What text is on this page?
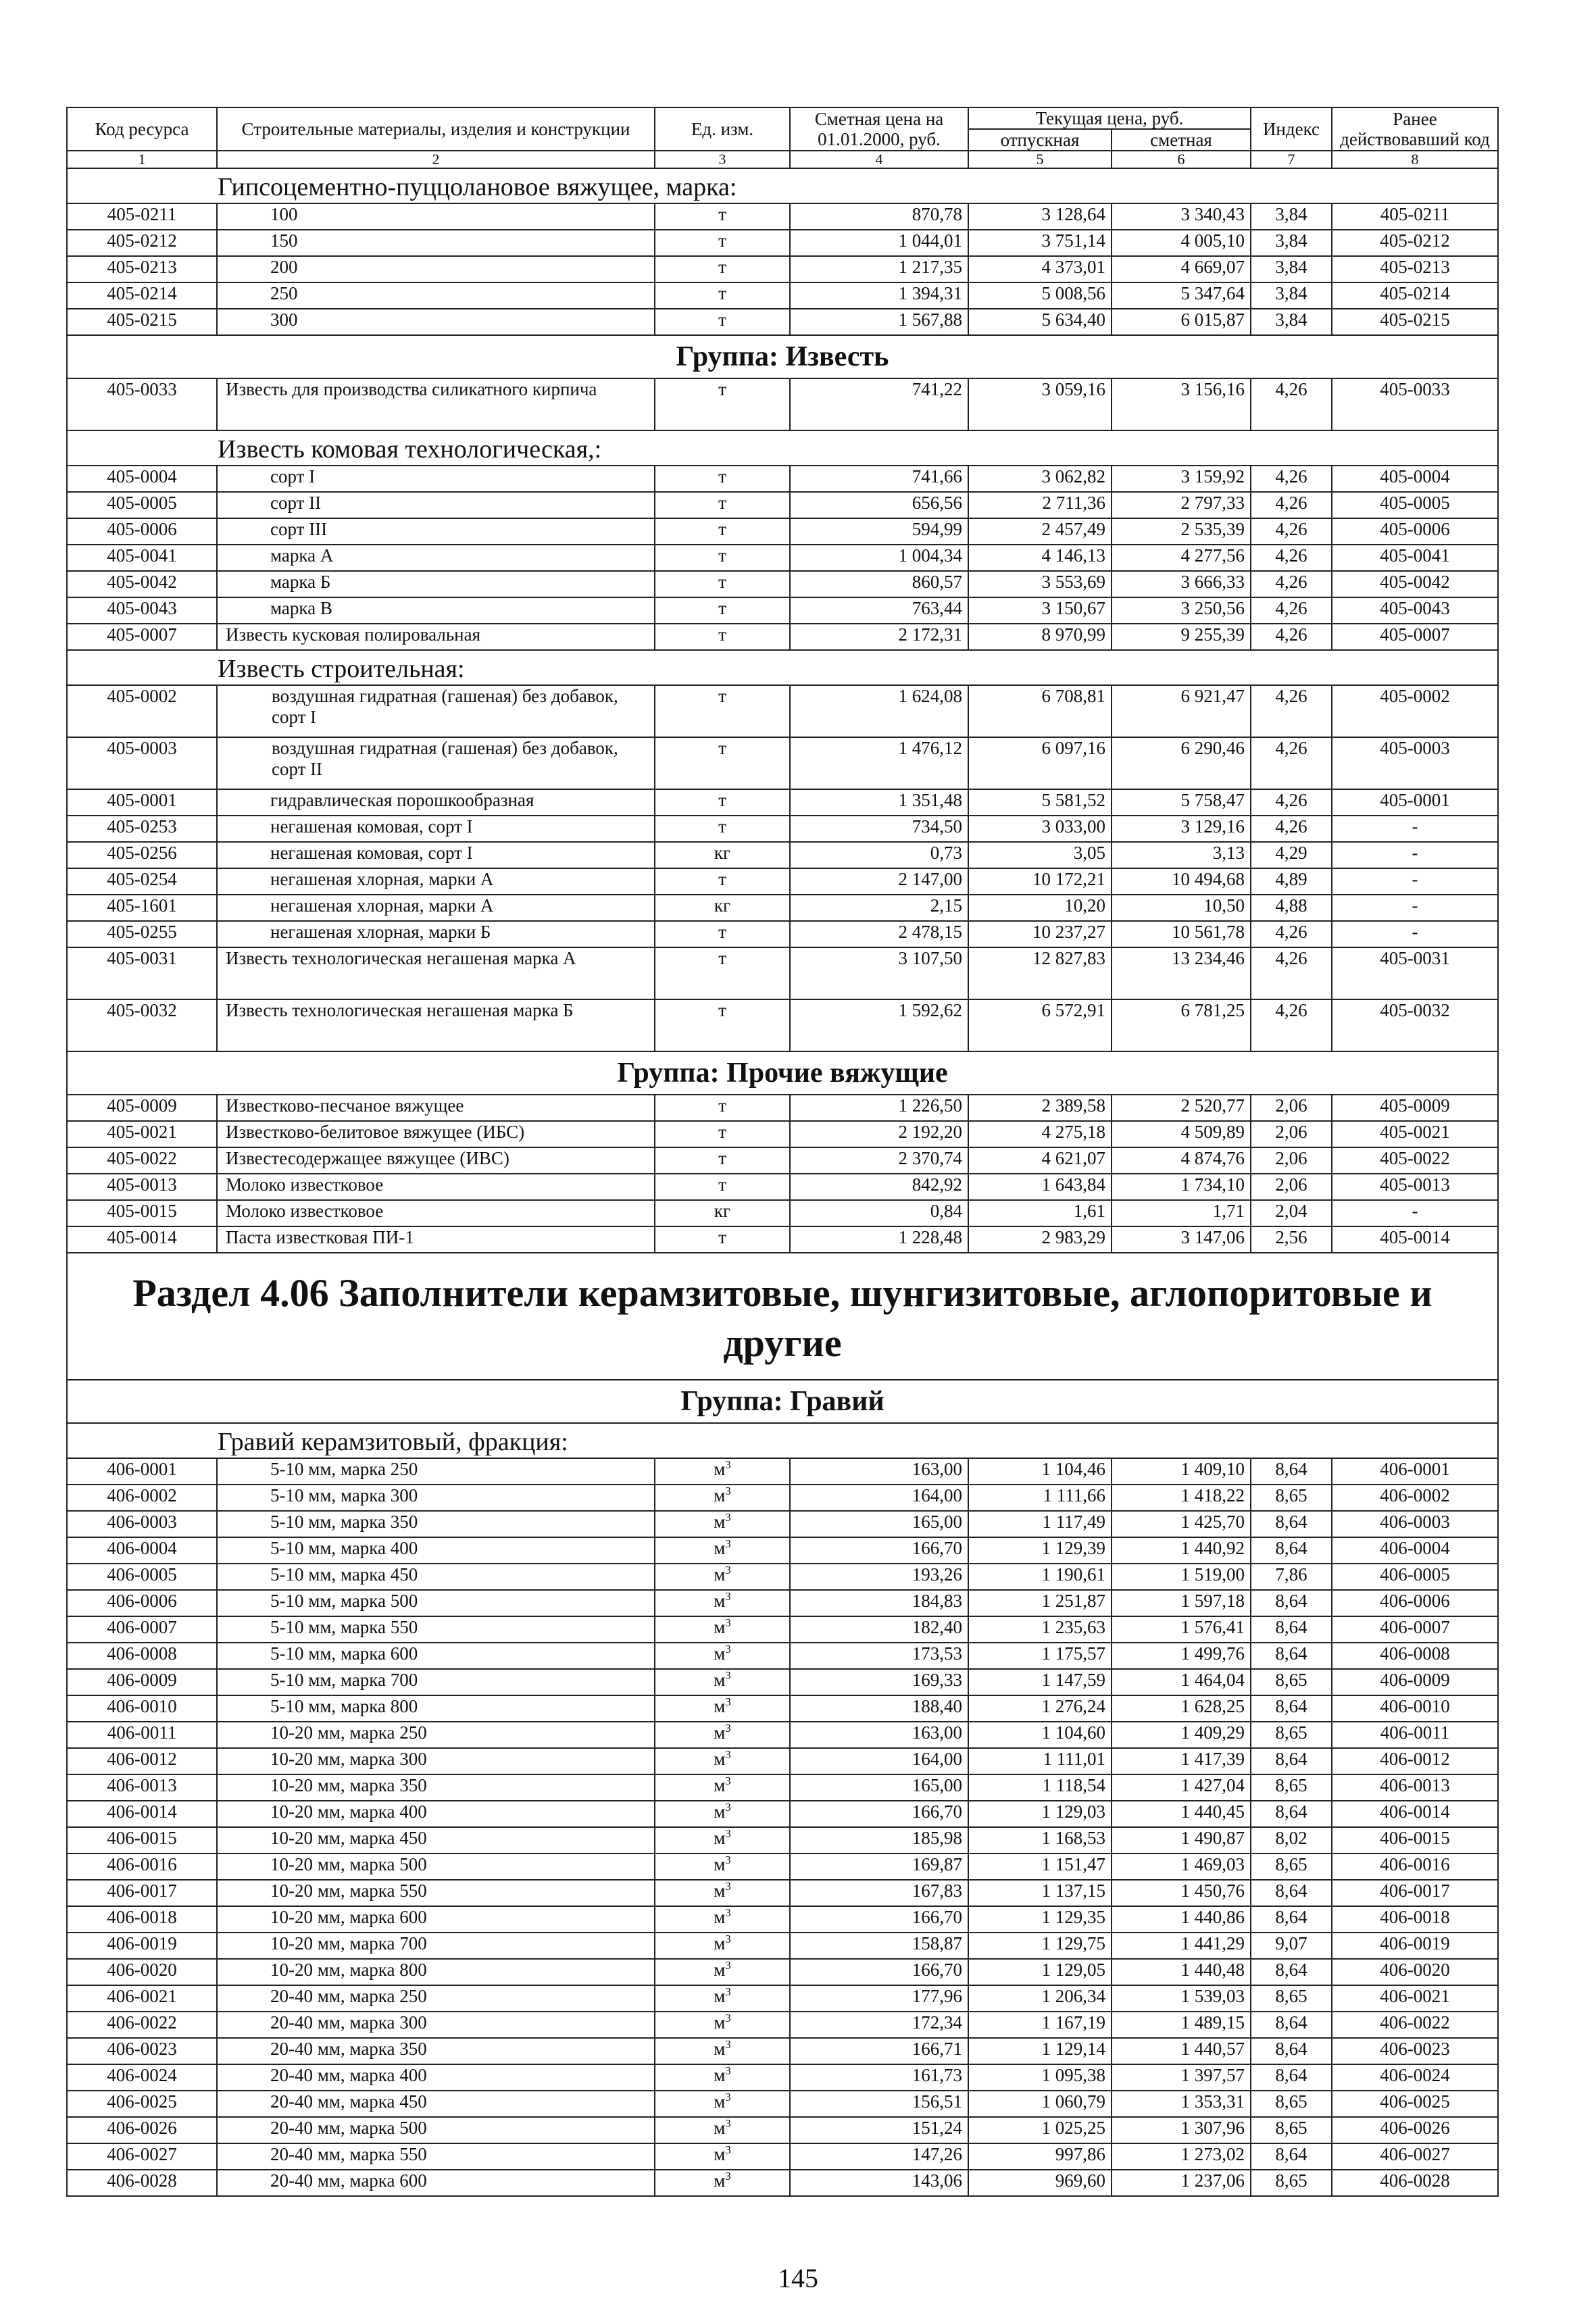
Код ресурса	Строительные материалы, изделия и конструкции	Ед. изм.	Сметная цена на 01.01.2000, руб.	Текущая цена, руб.		Индекс	Ранее действовавший код
				отпускная	сметная		
1	2	3	4	5	6	7	8
Гипсоцементно-пуццолановое вяжущее, марка:							
405-0211	100	т	870,78	3 128,64	3 340,43	3,84	405-0211
405-0212	150	т	1 044,01	3 751,14	4 005,10	3,84	405-0212
405-0213	200	т	1 217,35	4 373,01	4 669,07	3,84	405-0213
405-0214	250	т	1 394,31	5 008,56	5 347,64	3,84	405-0214
405-0215	300	т	1 567,88	5 634,40	6 015,87	3,84	405-0215
Группа: Известь							
405-0033	Известь для производства силикатного кирпича	т	741,22	3 059,16	3 156,16	4,26	405-0033
Известь комовая технологическая,:							
405-0004	сорт I	т	741,66	3 062,82	3 159,92	4,26	405-0004
405-0005	сорт II	т	656,56	2 711,36	2 797,33	4,26	405-0005
405-0006	сорт III	т	594,99	2 457,49	2 535,39	4,26	405-0006
405-0041	марка А	т	1 004,34	4 146,13	4 277,56	4,26	405-0041
405-0042	марка Б	т	860,57	3 553,69	3 666,33	4,26	405-0042
405-0043	марка В	т	763,44	3 150,67	3 250,56	4,26	405-0043
405-0007	Известь кусковая полировальная	т	2 172,31	8 970,99	9 255,39	4,26	405-0007
Известь строительная:							
405-0002	воздушная гидратная (гашеная) без добавок, сорт I	т	1 624,08	6 708,81	6 921,47	4,26	405-0002
405-0003	воздушная гидратная (гашеная) без добавок, сорт II	т	1 476,12	6 097,16	6 290,46	4,26	405-0003
405-0001	гидравлическая порошкообразная	т	1 351,48	5 581,52	5 758,47	4,26	405-0001
405-0253	негашеная комовая, сорт I	т	734,50	3 033,00	3 129,16	4,26	-
405-0256	негашеная комовая, сорт I	кг	0,73	3,05	3,13	4,29	-
405-0254	негашеная хлорная, марки А	т	2 147,00	10 172,21	10 494,68	4,89	-
405-1601	негашеная хлорная, марки А	кг	2,15	10,20	10,50	4,88	-
405-0255	негашеная хлорная, марки Б	т	2 478,15	10 237,27	10 561,78	4,26	-
405-0031	Известь технологическая негашеная марка А	т	3 107,50	12 827,83	13 234,46	4,26	405-0031
405-0032	Известь технологическая негашеная марка Б	т	1 592,62	6 572,91	6 781,25	4,26	405-0032
Группа: Прочие вяжущие							
405-0009	Известково-песчаное вяжущее	т	1 226,50	2 389,58	2 520,77	2,06	405-0009
405-0021	Известково-белитовое вяжущее (ИБС)	т	2 192,20	4 275,18	4 509,89	2,06	405-0021
405-0022	Известесодержащее вяжущее (ИВС)	т	2 370,74	4 621,07	4 874,76	2,06	405-0022
405-0013	Молоко известковое	т	842,92	1 643,84	1 734,10	2,06	405-0013
405-0015	Молоко известковое	кг	0,84	1,61	1,71	2,04	-
405-0014	Паста известковая ПИ-1	т	1 228,48	2 983,29	3 147,06	2,56	405-0014
Раздел 4.06 Заполнители керамзитовые, шунгизитовые, аглопоритовые и другие							
Группа: Гравий							
Гравий керамзитовый, фракция:							
406-0001	5-10 мм, марка 250	$м^3$	163,00	1 104,46	1 409,10	8,64	406-0001
406-0002	5-10 мм, марка 300	$м^3$	164,00	1 111,66	1 418,22	8,65	406-0002
406-0003	5-10 мм, марка 350	$м^3$	165,00	1 117,49	1 425,70	8,64	406-0003
406-0004	5-10 мм, марка 400	$м^3$	166,70	1 129,39	1 440,92	8,64	406-0004
406-0005	5-10 мм, марка 450	$м^3$	193,26	1 190,61	1 519,00	7,86	406-0005
406-0006	5-10 мм, марка 500	$м^3$	184,83	1 251,87	1 597,18	8,64	406-0006
406-0007	5-10 мм, марка 550	$м^3$	182,40	1 235,63	1 576,41	8,64	406-0007
406-0008	5-10 мм, марка 600	$м^3$	173,53	1 175,57	1 499,76	8,64	406-0008
406-0009	5-10 мм, марка 700	$м^3$	169,33	1 147,59	1 464,04	8,65	406-0009
406-0010	5-10 мм, марка 800	$м^3$	188,40	1 276,24	1 628,25	8,64	406-0010
406-0011	10-20 мм, марка 250	$м^3$	163,00	1 104,60	1 409,29	8,65	406-0011
406-0012	10-20 мм, марка 300	$м^3$	164,00	1 111,01	1 417,39	8,64	406-0012
406-0013	10-20 мм, марка 350	$м^3$	165,00	1 118,54	1 427,04	8,65	406-0013
406-0014	10-20 мм, марка 400	$м^3$	166,70	1 129,03	1 440,45	8,64	406-0014
406-0015	10-20 мм, марка 450	$м^3$	185,98	1 168,53	1 490,87	8,02	406-0015
406-0016	10-20 мм, марка 500	$м^3$	169,87	1 151,47	1 469,03	8,65	406-0016
406-0017	10-20 мм, марка 550	$м^3$	167,83	1 137,15	1 450,76	8,64	406-0017
406-0018	10-20 мм, марка 600	$м^3$	166,70	1 129,35	1 440,86	8,64	406-0018
406-0019	10-20 мм, марка 700	$м^3$	158,87	1 129,75	1 441,29	9,07	406-0019
406-0020	10-20 мм, марка 800	$м^3$	166,70	1 129,05	1 440,48	8,64	406-0020
406-0021	20-40 мм, марка 250	$м^3$	177,96	1 206,34	1 539,03	8,65	406-0021
406-0022	20-40 мм, марка 300	$м^3$	172,34	1 167,19	1 489,15	8,64	406-0022
406-0023	20-40 мм, марка 350	$м^3$	166,71	1 129,14	1 440,57	8,64	406-0023
406-0024	20-40 мм, марка 400	$м^3$	161,73	1 095,38	1 397,57	8,64	406-0024
406-0025	20-40 мм, марка 450	$м^3$	156,51	1 060,79	1 353,31	8,65	406-0025
406-0026	20-40 мм, марка 500	$м^3$	151,24	1 025,25	1 307,96	8,65	406-0026
406-0027	20-40 мм, марка 550	$м^3$	147,26	997,86	1 273,02	8,64	406-0027
406-0028	20-40 мм, марка 600	$м^3$	143,06	969,60	1 237,06	8,65	406-0028
145
